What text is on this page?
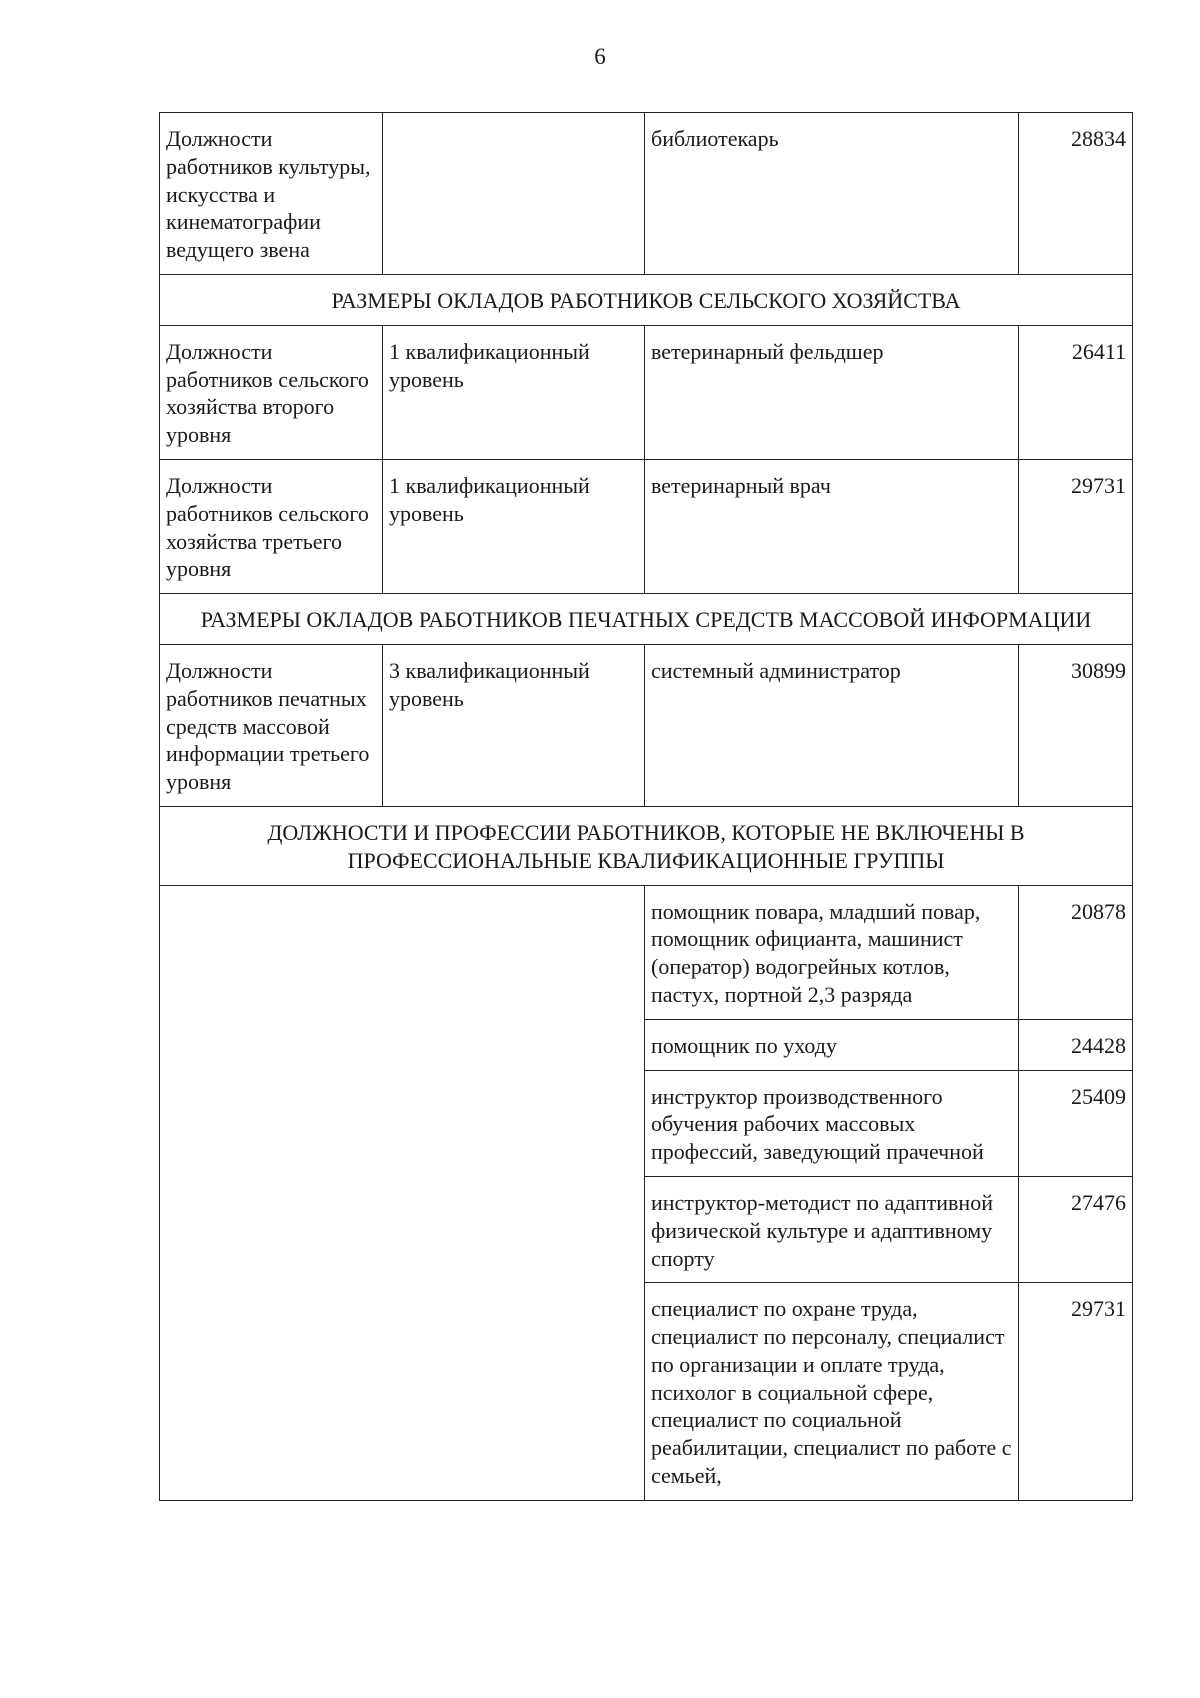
6
Должности работников культуры, искусства и кинематографии ведущего звена		библиотекарь	28834
РАЗМЕРЫ ОКЛАДОВ РАБОТНИКОВ СЕЛЬСКОГО ХОЗЯЙСТВА			
Должности работников сельского хозяйства второго уровня	1 квалификационный уровень	ветеринарный фельдшер	26411
Должности работников сельского хозяйства третьего уровня	1 квалификационный уровень	ветеринарный врач	29731
РАЗМЕРЫ ОКЛАДОВ РАБОТНИКОВ ПЕЧАТНЫХ СРЕДСТВ МАССОВОЙ ИНФОРМАЦИИ			
Должности работников печатных средств массовой информации третьего уровня	3 квалификационный уровень	системный администратор	30899
ДОЛЖНОСТИ И ПРОФЕССИИ РАБОТНИКОВ, КОТОРЫЕ НЕ ВКЛЮЧЕНЫ В ПРОФЕССИОНАЛЬНЫЕ КВАЛИФИКАЦИОННЫЕ ГРУППЫ			
		помощник повара, младший повар, помощник официанта, машинист (оператор) водогрейных котлов, пастух, портной 2,3 разряда	20878
		помощник по уходу	24428
		инструктор производственного обучения рабочих массовых профессий, заведующий прачечной	25409
		инструктор-методист по адаптивной физической культуре и адаптивному спорту	27476
		специалист по охране труда, специалист по персоналу, специалист по организации и оплате труда, психолог в социальной сфере, специалист по социальной реабилитации, специалист по работе с семьей,	29731
